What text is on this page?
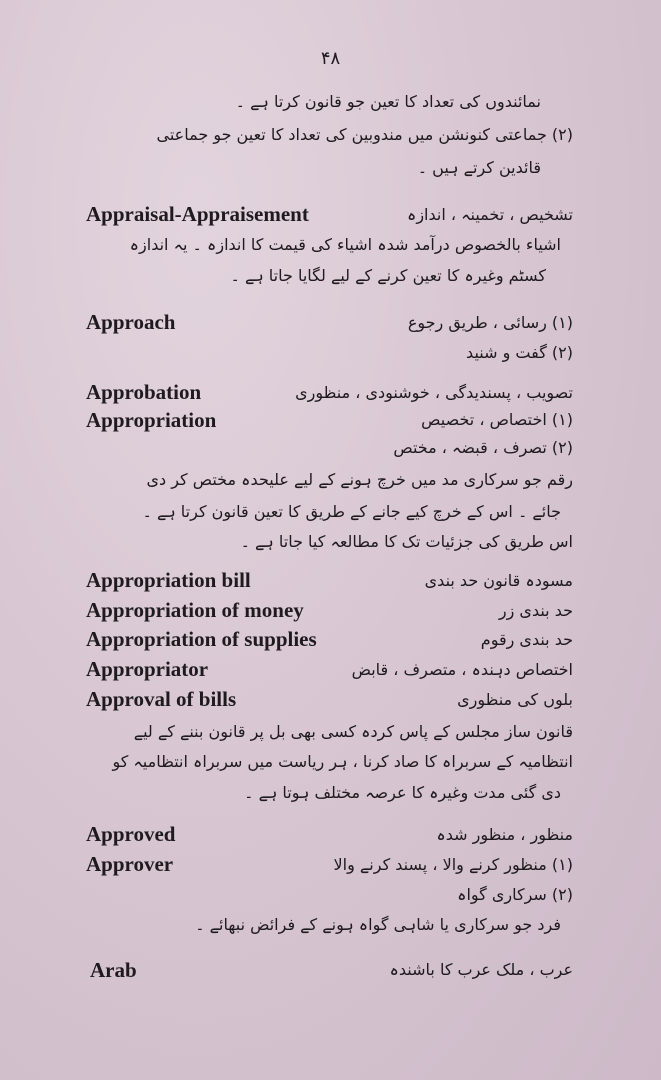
۴۸
نمائندوں کی تعداد کا تعین جو قانون کرتا ہے ۔
(۲) جماعتی کنونشن میں مندوبین کی تعداد کا تعین جو جماعتی
قائدین کرتے ہیں ۔
Appraisal-Appraisement	تشخیص ، تخمینہ ، اندازہ
اشیاء بالخصوص درآمد شدہ اشیاء کی قیمت کا اندازہ ۔ یہ اندازہ
کسٹم وغیرہ کا تعین کرنے کے لیے لگایا جاتا ہے ۔
Approach	(۱) رسائی ، طریق رجوع
(۲) گفت و شنید
Approbation	تصویب ، پسندیدگی ، خوشنودی ، منظوری
Appropriation	(۱) اختصاص ، تخصیص
(۲) تصرف ، قبضہ ، مختص
رقم جو سرکاری مد میں خرچ ہونے کے لیے علیحدہ مختص کر دی
جائے ۔ اس کے خرچ کیے جانے کے طریق کا تعین قانون کرتا ہے ۔
اس طریق کی جزئیات تک کا مطالعہ کیا جاتا ہے ۔
Appropriation bill	مسودہ قانون حد بندی
Appropriation of money	حد بندی زر
Appropriation of supplies	حد بندی رقوم
Appropriator	اختصاص دہندہ ، متصرف ، قابض
Approval of bills	بلوں کی منظوری
قانون ساز مجلس کے پاس کردہ کسی بھی بل پر قانون بننے کے لیے
انتظامیہ کے سربراہ کا صاد کرنا ، ہر ریاست میں سربراہ انتظامیہ کو
دی گئی مدت وغیرہ کا عرصہ مختلف ہوتا ہے ۔
Approved	منظور ، منظور شدہ
Approver	(۱) منظور کرنے والا ، پسند کرنے والا
(۲) سرکاری گواہ
فرد جو سرکاری یا شاہی گواہ ہونے کے فرائض نبھائے ۔
Arab	عرب ، ملک عرب کا باشندہ
